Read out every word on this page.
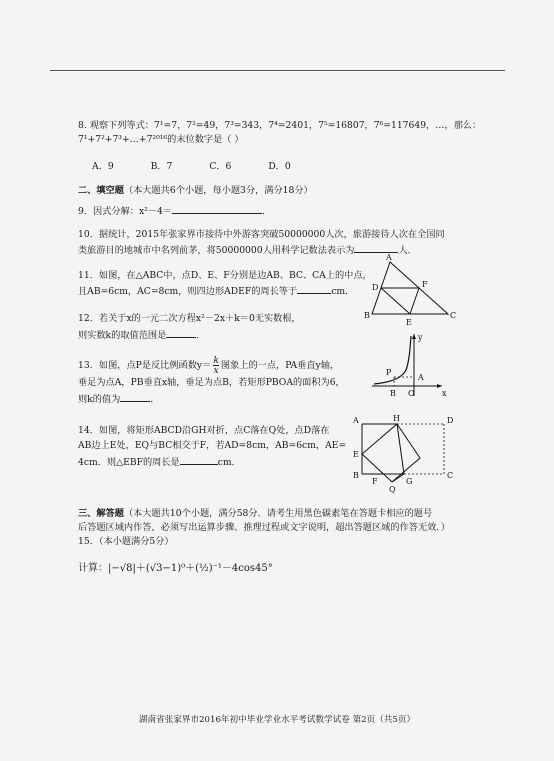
8. 观察下列等式：7¹=7，7²=49，7³=343，7⁴=2401，7⁵=16807，7⁶=117649，…，那么：
7¹+7²+7³+…+7²⁰¹⁶的末位数字是（ ）
A．9	B．7	C．6	D．0
二、填空题（本大题共6个小题，每小题3分，满分18分）
9．因式分解：x²－4＝	．
10．据统计，2015年张家界市接待中外游客突破50000000人次，旅游接待人次在全国同
类旅游目的地城市中名列前茅，将50000000人用科学记数法表示为	人．
11．如图，在△ABC中，点D、E、F分别是边AB、BC、CA上的中点，
且AB=6cm，AC=8cm，则四边形ADEF的周长等于	cm．
A
D	F
B
E
C
12．若关于x的一元二次方程x²－2x＋k＝0无实数根，
则实数k的取值范围是	．
13．如图，点P是反比例函数$y= \frac{k}{x}$ 图象上的一点，PA垂直y轴，
垂足为点A，PB垂直x轴，垂足为点B，若矩形PBOA的面积为6，
则k的值为	．
y
P
A
B O	x
14．如图，将矩形ABCD沿GH对折，点C落在Q处，点D落在
AB边上E处，EQ与BC相交于F，若AD=8cm，AB=6cm，AE=
4cm．则△EBF的周长是	cm．
A	H	D
E
B
F
C
G
Q
三、解答题（本大题共10个小题，满分58分．请考生用黑色碳素笔在答题卡相应的题号
后答题区域内作答，必须写出运算步骤、推理过程或文字说明，超出答题区域的作答无效．）
15．（本小题满分5分）
计算：|−√8|＋(√3−1)⁰＋(½)⁻¹－4cos45°
湖南省张家界市2016年初中毕业学业水平考试数学试卷 第2页（共5页）
